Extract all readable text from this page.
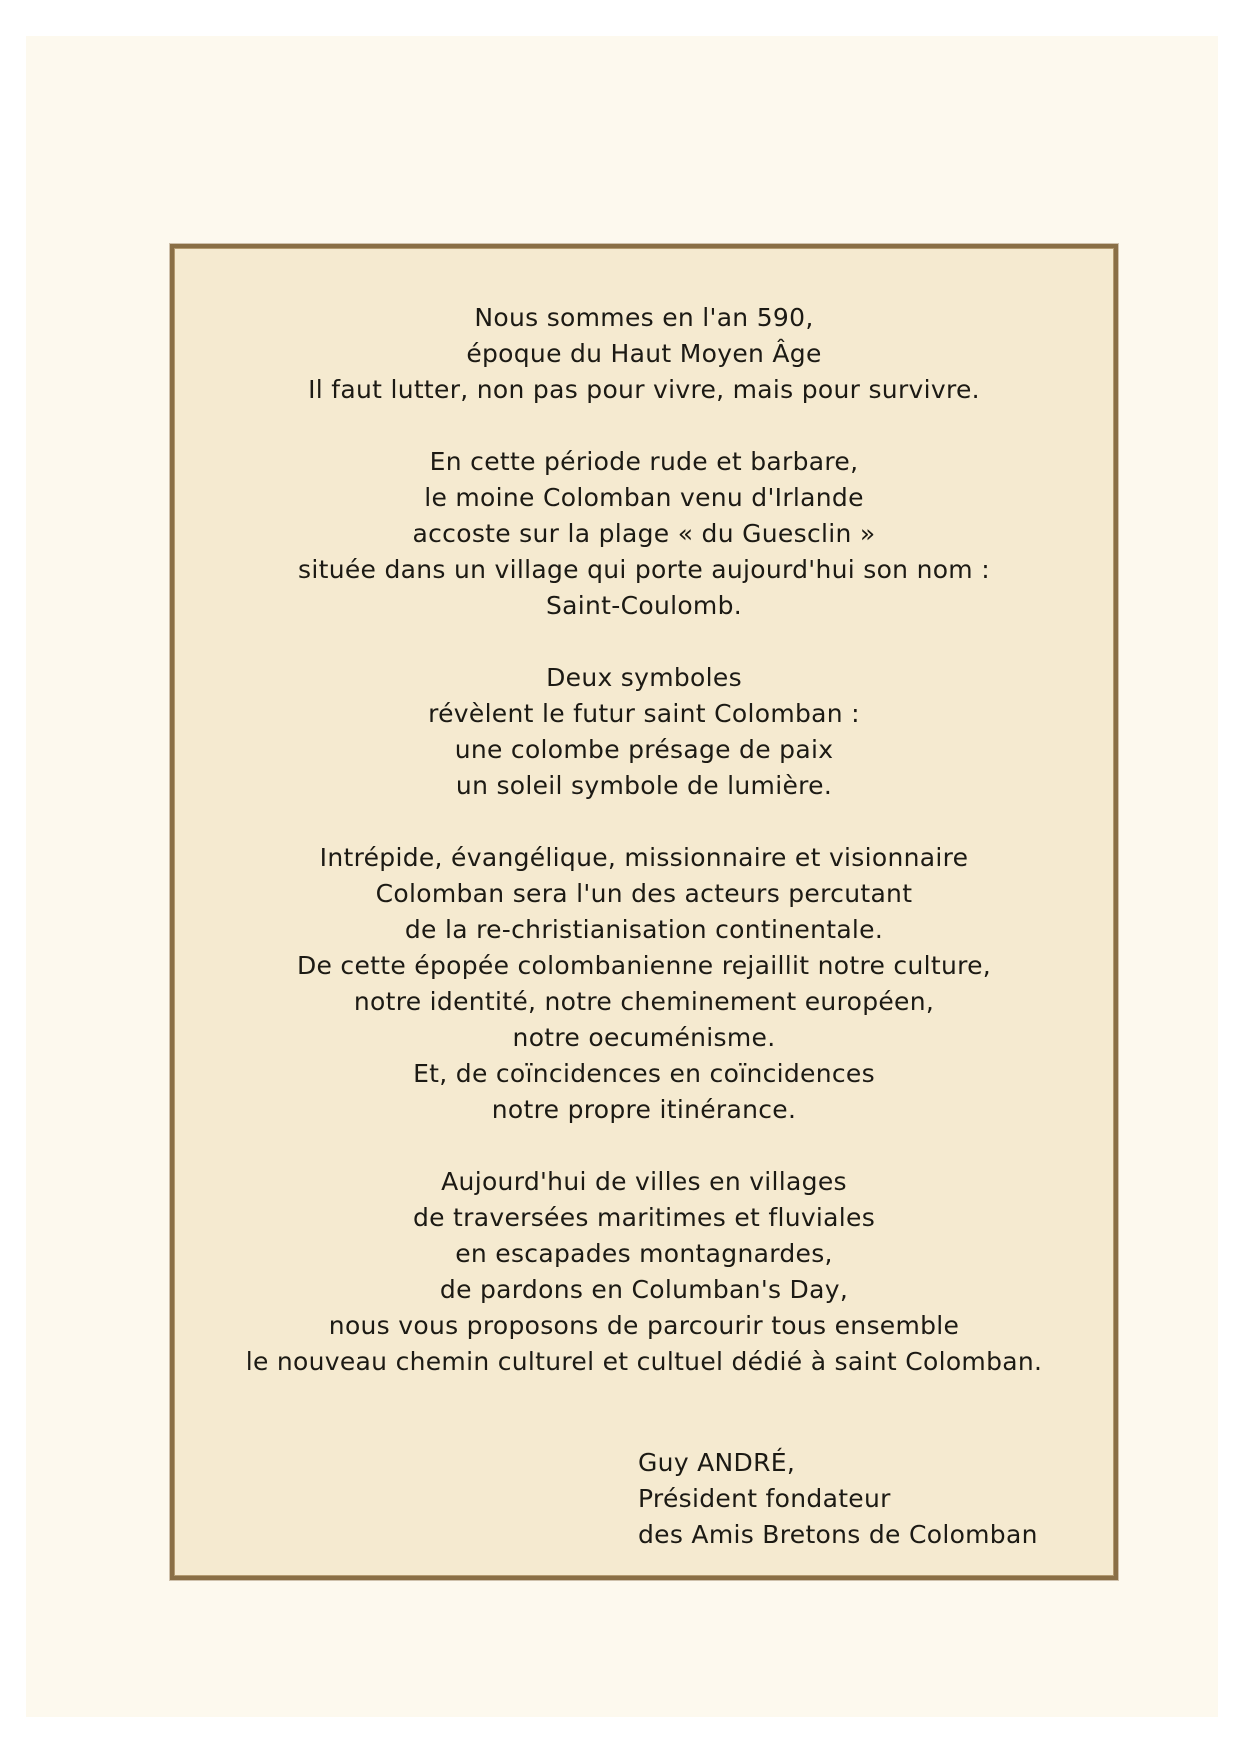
Nous sommes en l'an 590,
époque du Haut Moyen Âge
Il faut lutter, non pas pour vivre, mais pour survivre.
En cette période rude et barbare,
le moine Colomban venu d'Irlande
accoste sur la plage « du Guesclin »
située dans un village qui porte aujourd'hui son nom :
Saint-Coulomb.
Deux symboles
révèlent le futur saint Colomban :
une colombe présage de paix
un soleil symbole de lumière.
Intrépide, évangélique, missionnaire et visionnaire
Colomban sera l'un des acteurs percutant
de la re-christianisation continentale.
De cette épopée colombanienne rejaillit notre culture,
notre identité, notre cheminement européen,
notre oecuménisme.
Et, de coïncidences en coïncidences
notre propre itinérance.
Aujourd'hui de villes en villages
de traversées maritimes et fluviales
en escapades montagnardes,
de pardons en Columban's Day,
nous vous proposons de parcourir tous ensemble
le nouveau chemin culturel et cultuel dédié à saint Colomban.
Guy ANDRÉ,
Président fondateur
des Amis Bretons de Colomban
